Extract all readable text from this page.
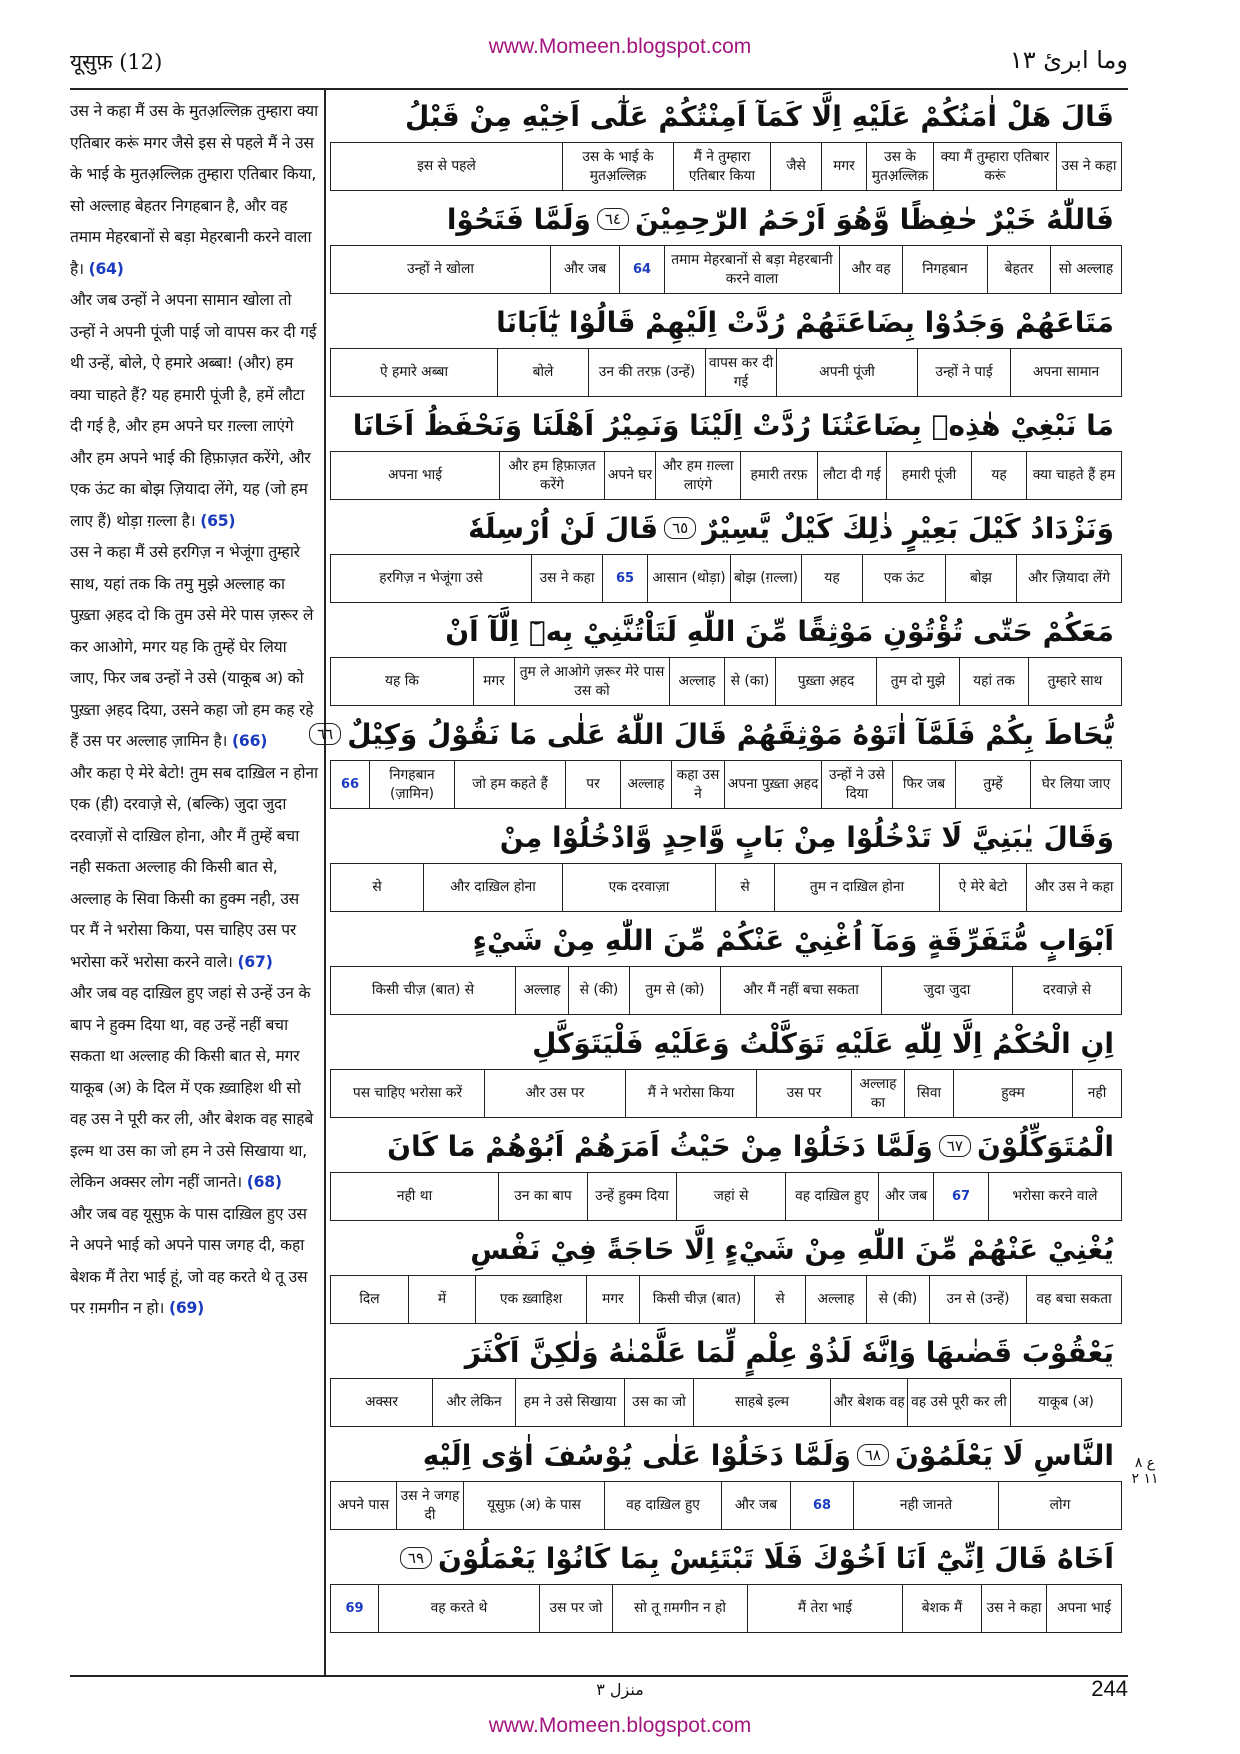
यूसुफ़ (12)
www.Momeen.blogspot.com	وما ابرئ ١٣

उस ने कहा मैं उस के मुतअ़ल्लिक़ तुम्हारा क्या एतिबार करूं मगर जैसे इस से पहले मैं ने उस के भाई के मुतअ़ल्लिक़ तुम्हारा एतिबार किया, सो अल्लाह बेहतर निगहबान है, और वह तमाम मेहरबानों से बड़ा मेहरबानी करने वाला है। (64)

और जब उन्हों ने अपना सामान खोला तो उन्हों ने अपनी पूंजी पाई जो वापस कर दी गई थी उन्हें, बोले, ऐ हमारे अब्बा! (और) हम क्या चाहते हैं? यह हमारी पूंजी है, हमें लौटा दी गई है, और हम अपने घर ग़ल्ला लाएंगे और हम अपने भाई की हिफ़ाज़त करेंगे, और एक ऊंट का बोझ ज़ियादा लेंगे, यह (जो हम लाए हैं) थोड़ा ग़ल्ला है। (65)

उस ने कहा मैं उसे हरगिज़ न भेजूंगा तुम्हारे साथ, यहां तक कि तमु मुझे अल्लाह का पुख़्ता अ़हद दो कि तुम उसे मेरे पास ज़रूर ले कर आओगे, मगर यह कि तुम्हें घेर लिया जाए, फिर जब उन्हों ने उसे (याकूब अ) को पुख़्ता अ़हद दिया, उसने कहा जो हम कह रहे हैं उस पर अल्लाह ज़ामिन है। (66)

और कहा ऐ मेरे बेटो! तुम सब दाख़िल न होना एक (ही) दरवाज़े से, (बल्कि) जुदा जुदा दरवाज़ों से दाख़िल होना, और मैं तुम्हें बचा नही सकता अल्लाह की किसी बात से, अल्लाह के सिवा किसी का हुक्म नही, उस पर मैं ने भरोसा किया, पस चाहिए उस पर भरोसा करें भरोसा करने वाले। (67)

और जब वह दाख़िल हुए जहां से उन्हें उन के बाप ने हुक्म दिया था, वह उन्हें नहीं बचा सकता था अल्लाह की किसी बात से, मगर याकूब (अ) के दिल में एक ख़्वाहिश थी सो वह उस ने पूरी कर ली, और बेशक वह साहबे इल्म था उस का जो हम ने उसे सिखाया था, लेकिन अक्सर लोग नहीं जानते। (68)

और जब वह यूसुफ़ के पास दाख़िल हुए उस ने अपने भाई को अपने पास जगह दी, कहा बेशक मैं तेरा भाई हूं, जो वह करते थे तू उस पर ग़मगीन न हो। (69)

قَالَ هَلْ اٰمَنُكُمْ عَلَيْهِ اِلَّا كَمَآ اَمِنْتُكُمْ عَلٰٓى اَخِيْهِ مِنْ قَبْلُ
उस ने कहा
क्या मैं तुम्हारा एतिबार करूं
उस के मुतअ़ल्लिक़
मगर
जैसे
मैं ने तुम्हारा एतिबार किया
उस के भाई के मुतअ़ल्लिक़
इस से पहले
فَاللّٰهُ خَيْرٌ حٰفِظًا وَّهُوَ اَرْحَمُ الرّٰحِمِيْنَ
٦٤
وَلَمَّا فَتَحُوْا
सो अल्लाह
बेहतर
निगहबान
और वह
तमाम मेहरबानों से बड़ा मेहरबानी करने वाला
64
और जब
उन्हों ने खोला
مَتَاعَهُمْ وَجَدُوْا بِضَاعَتَهُمْ رُدَّتْ اِلَيْهِمْ قَالُوْا يٰٓاَبَانَا
अपना सामान
उन्हों ने पाई
अपनी पूंजी
वापस कर दी गई
उन की तरफ़ (उन्हें)
बोले
ऐ हमारे अब्बा
مَا نَبْغِيْ هٰذِهٖ بِضَاعَتُنَا رُدَّتْ اِلَيْنَا وَنَمِيْرُ اَهْلَنَا وَنَحْفَظُ اَخَانَا
क्या चाहते हैं हम
यह
हमारी पूंजी
लौटा दी गई
हमारी तरफ़
और हम ग़ल्ला लाएंगे
अपने घर
और हम हिफ़ाज़त करेंगे
अपना भाई
وَنَزْدَادُ كَيْلَ بَعِيْرٍ ذٰلِكَ كَيْلٌ يَّسِيْرٌ
٦٥
قَالَ لَنْ اُرْسِلَهٗ
और ज़ियादा लेंगे
बोझ
एक ऊंट
यह
बोझ (ग़ल्ला)
आसान (थोड़ा)
65
उस ने कहा
हरगिज़ न भेजूंगा उसे
مَعَكُمْ حَتّٰى تُؤْتُوْنِ مَوْثِقًا مِّنَ اللّٰهِ لَتَاْتُنَّنِيْ بِهٖٓ اِلَّآ اَنْ
तुम्हारे साथ
यहां तक
तुम दो मुझे
पुख़्ता अ़हद
से (का)
अल्लाह
तुम ले आओगे ज़रूर मेरे पास उस को
मगर
यह कि
يُّحَاطَ بِكُمْ فَلَمَّآ اٰتَوْهُ مَوْثِقَهُمْ قَالَ اللّٰهُ عَلٰى مَا نَقُوْلُ وَكِيْلٌ
٦٦
घेर लिया जाए
तुम्हें
फिर जब
उन्हों ने उसे दिया
अपना पुख़्ता अ़हद
कहा उस ने
अल्लाह
पर
जो हम कहते हैं
निगहबान (ज़ामिन)
66
وَقَالَ يٰبَنِيَّ لَا تَدْخُلُوْا مِنْ بَابٍ وَّاحِدٍ وَّادْخُلُوْا مِنْ
और उस ने कहा
ऐ मेरे बेटो
तुम न दाख़िल होना
से
एक दरवाज़ा
और दाख़िल होना
से
اَبْوَابٍ مُّتَفَرِّقَةٍ وَمَآ اُغْنِيْ عَنْكُمْ مِّنَ اللّٰهِ مِنْ شَيْءٍ
दरवाज़े से
जुदा जुदा
और मैं नहीं बचा सकता
तुम से (को)
से (की)
अल्लाह
किसी चीज़ (बात) से
اِنِ الْحُكْمُ اِلَّا لِلّٰهِ عَلَيْهِ تَوَكَّلْتُ وَعَلَيْهِ فَلْيَتَوَكَّلِ
नही
हुक्म
सिवा
अल्लाह का
उस पर
मैं ने भरोसा किया
और उस पर
पस चाहिए भरोसा करें
الْمُتَوَكِّلُوْنَ
٦٧
وَلَمَّا دَخَلُوْا مِنْ حَيْثُ اَمَرَهُمْ اَبُوْهُمْ مَا كَانَ
भरोसा करने वाले
67
और जब
वह दाख़िल हुए
जहां से
उन्हें हुक्म दिया
उन का बाप
नही था
يُغْنِيْ عَنْهُمْ مِّنَ اللّٰهِ مِنْ شَيْءٍ اِلَّا حَاجَةً فِيْ نَفْسِ
वह बचा सकता
उन से (उन्हें)
से (की)
अल्लाह
से
किसी चीज़ (बात)
मगर
एक ख़्वाहिश
में
दिल
يَعْقُوْبَ قَضٰىهَا وَاِنَّهٗ لَذُوْ عِلْمٍ لِّمَا عَلَّمْنٰهُ وَلٰكِنَّ اَكْثَرَ
याकूब (अ)
वह उसे पूरी कर ली
और बेशक वह
साहबे इल्म
उस का जो
हम ने उसे सिखाया
और लेकिन
अक्सर
النَّاسِ لَا يَعْلَمُوْنَ
٦٨
وَلَمَّا دَخَلُوْا عَلٰى يُوْسُفَ اٰوٰٓى اِلَيْهِ
लोग
नही जानते
68
और जब
वह दाख़िल हुए
यूसुफ़ (अ) के पास
उस ने जगह दी
अपने पास
اَخَاهُ قَالَ اِنِّيْٓ اَنَا اَخُوْكَ فَلَا تَبْتَئِسْ بِمَا كَانُوْا يَعْمَلُوْنَ
٦٩
अपना भाई
उस ने कहा
बेशक मैं
मैं तेरा भाई
सो तू ग़मगीन न हो
उस पर जो
वह करते थे
69
ع ٨ ١١ ٢
منزل ٣	244
www.Momeen.blogspot.com
